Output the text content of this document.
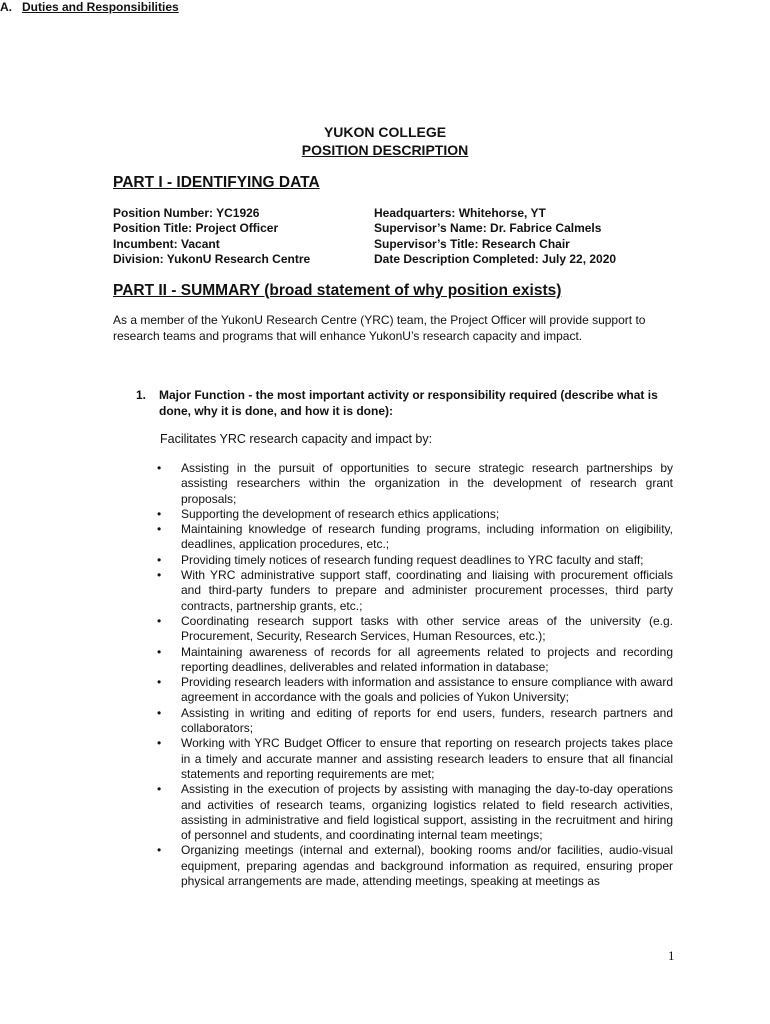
YUKON COLLEGE
POSITION DESCRIPTION
PART I - IDENTIFYING DATA
Position Number: YC1926
Position Title: Project Officer
Incumbent: Vacant
Division: YukonU Research Centre
Headquarters: Whitehorse, YT
Supervisor’s Name: Dr. Fabrice Calmels
Supervisor’s Title: Research Chair
Date Description Completed: July 22, 2020
PART II - SUMMARY (broad statement of why position exists)
As a member of the YukonU Research Centre (YRC) team, the Project Officer will provide support to research teams and programs that will enhance YukonU’s research capacity and impact.
A. Duties and Responsibilities
1. Major Function - the most important activity or responsibility required (describe what is done, why it is done, and how it is done):
Facilitates YRC research capacity and impact by:
• Assisting in the pursuit of opportunities to secure strategic research partnerships by assisting researchers within the organization in the development of research grant proposals;
• Supporting the development of research ethics applications;
• Maintaining knowledge of research funding programs, including information on eligibility, deadlines, application procedures, etc.;
• Providing timely notices of research funding request deadlines to YRC faculty and staff;
• With YRC administrative support staff, coordinating and liaising with procurement officials and third-party funders to prepare and administer procurement processes, third party contracts, partnership grants, etc.;
• Coordinating research support tasks with other service areas of the university (e.g. Procurement, Security, Research Services, Human Resources, etc.);
• Maintaining awareness of records for all agreements related to projects and recording reporting deadlines, deliverables and related information in database;
• Providing research leaders with information and assistance to ensure compliance with award agreement in accordance with the goals and policies of Yukon University;
• Assisting in writing and editing of reports for end users, funders, research partners and collaborators;
• Working with YRC Budget Officer to ensure that reporting on research projects takes place in a timely and accurate manner and assisting research leaders to ensure that all financial statements and reporting requirements are met;
• Assisting in the execution of projects by assisting with managing the day-to-day operations and activities of research teams, organizing logistics related to field research activities, assisting in administrative and field logistical support, assisting in the recruitment and hiring of personnel and students, and coordinating internal team meetings;
• Organizing meetings (internal and external), booking rooms and/or facilities, audio-visual equipment, preparing agendas and background information as required, ensuring proper physical arrangements are made, attending meetings, speaking at meetings as
1
